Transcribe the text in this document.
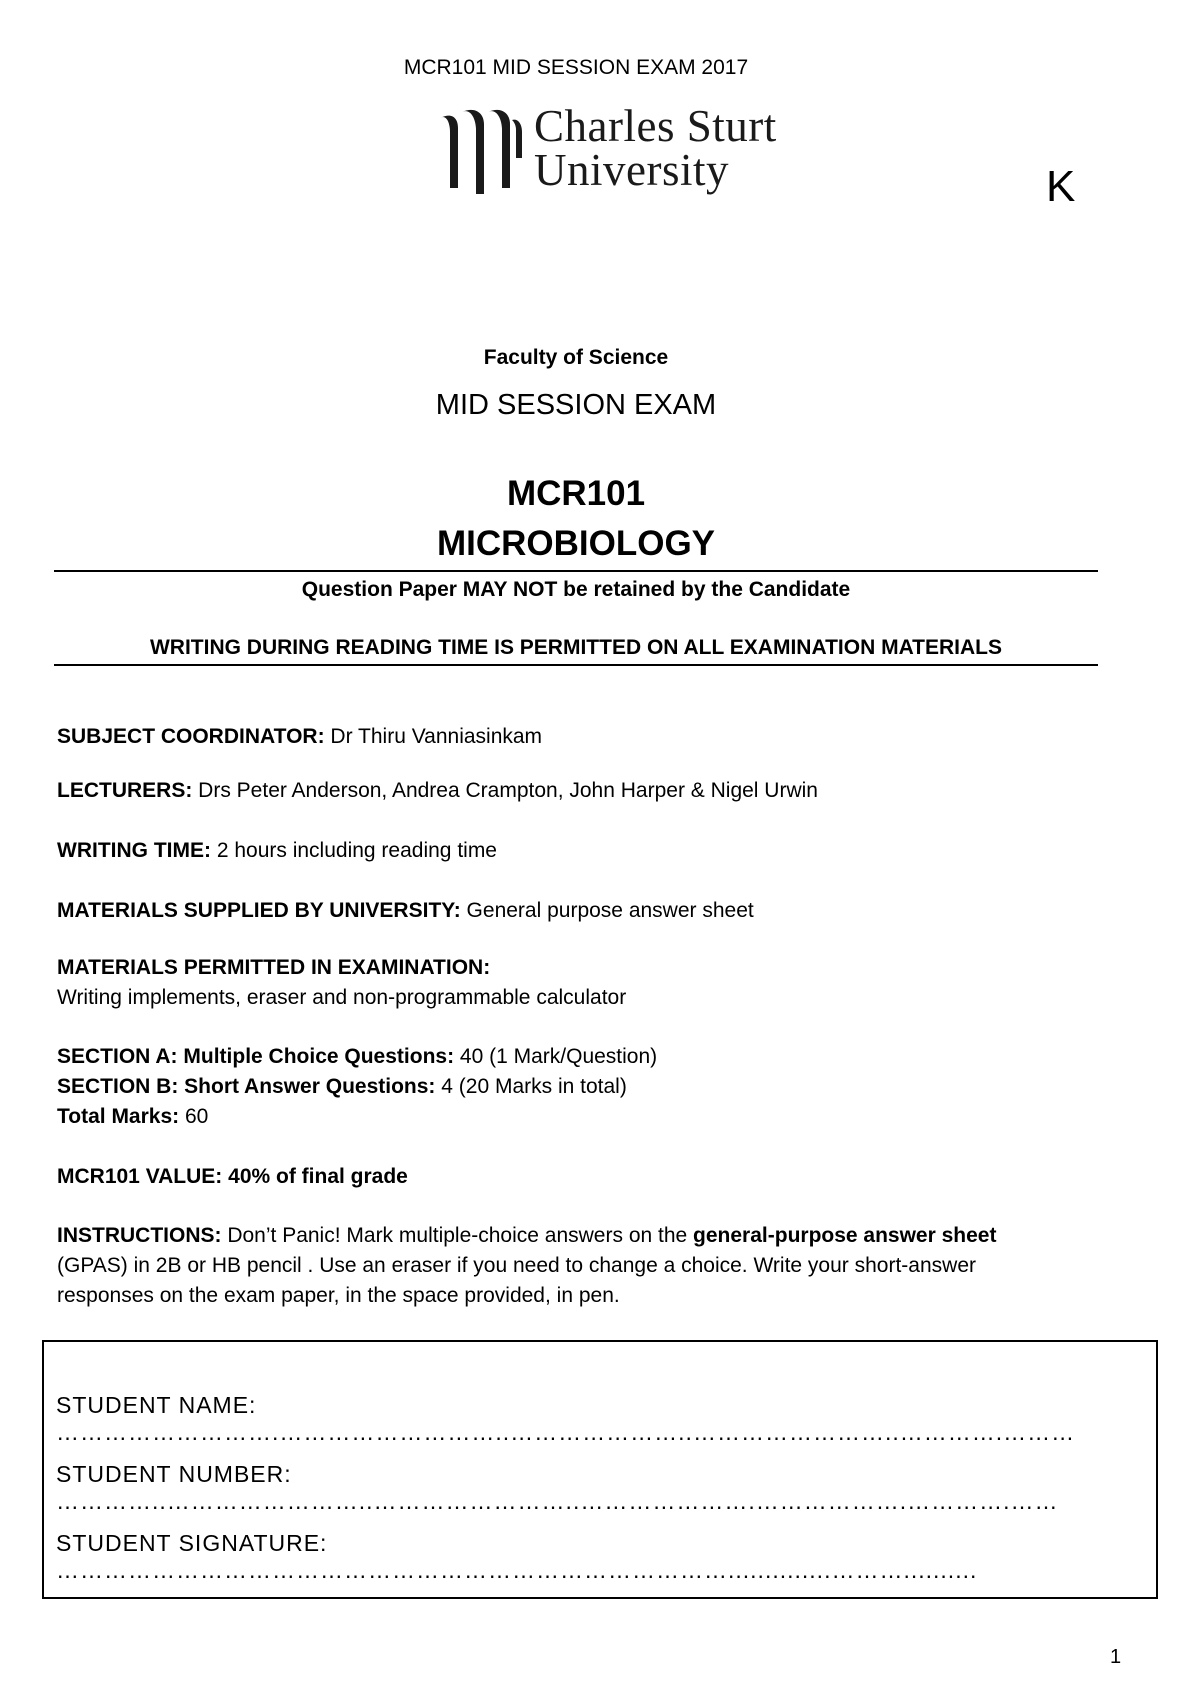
MCR101 MID SESSION EXAM 2017
Charles Sturt
University	K
Faculty of Science
MID SESSION EXAM
MCR101
MICROBIOLOGY
Question Paper MAY NOT be retained by the Candidate
WRITING DURING READING TIME IS PERMITTED ON ALL EXAMINATION MATERIALS
SUBJECT COORDINATOR: Dr Thiru Vanniasinkam
LECTURERS: Drs Peter Anderson, Andrea Crampton, John Harper & Nigel Urwin
WRITING TIME: 2 hours including reading time
MATERIALS SUPPLIED BY UNIVERSITY: General purpose answer sheet
MATERIALS PERMITTED IN EXAMINATION:
Writing implements, eraser and non-programmable calculator
SECTION A: Multiple Choice Questions: 40 (1 Mark/Question)
SECTION B: Short Answer Questions: 4 (20 Marks in total)
Total Marks: 60
MCR101 VALUE: 40% of final grade
INSTRUCTIONS: Don’t Panic! Mark multiple-choice answers on the general-purpose answer sheet
(GPAS) in 2B or HB pencil . Use an eraser if you need to change a choice. Write your short-answer
responses on the exam paper, in the space provided, in pen.
STUDENT NAME: ……………………….………………………..…………………..……………………..………….………
STUDENT NUMBER: …………..……………………..……………………..………………….……………….………….……
STUDENT SIGNATURE: …………………………………………………………………………..............………..........
1
